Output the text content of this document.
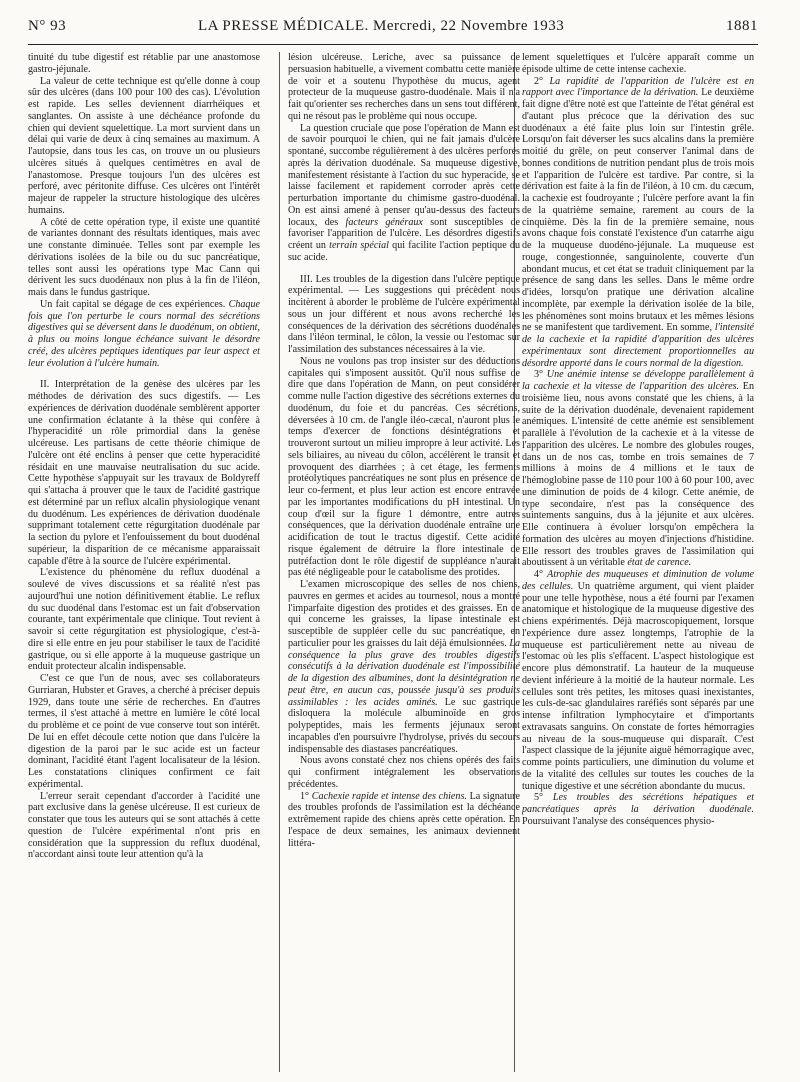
N° 93	LA PRESSE MÉDICALE. Mercredi, 22 Novembre 1933	1881

tinuité du tube digestif est rétablie par une anastomose gastro-jéjunale.

La valeur de cette technique est qu'elle donne à coup sûr des ulcères (dans 100 pour 100 des cas). L'évolution est rapide. Les selles deviennent diarrhéiques et sanglantes. On assiste à une déchéance profonde du chien qui devient squelettique. La mort survient dans un délai qui varie de deux à cinq semaines au maximum. A l'autopsie, dans tous les cas, on trouve un ou plusieurs ulcères situés à quelques centimètres en aval de l'anastomose. Presque toujours l'un des ulcères est perforé, avec péritonite diffuse. Ces ulcères ont l'intérêt majeur de rappeler la structure histologique des ulcères humains.

A côté de cette opération type, il existe une quantité de variantes donnant des résultats identiques, mais avec une constante diminuée. Telles sont par exemple les dérivations isolées de la bile ou du suc pancréatique, telles sont aussi les opérations type Mac Cann qui dérivent les sucs duodénaux non plus à la fin de l'iléon, mais dans le fundus gastrique.

Un fait capital se dégage de ces expériences. Chaque fois que l'on perturbe le cours normal des sécrétions digestives qui se déversent dans le duodénum, on obtient, à plus ou moins longue échéance suivant le désordre créé, des ulcères peptiques identiques par leur aspect et leur évolution à l'ulcère humain.

II. Interprétation de la genèse des ulcères par les méthodes de dérivation des sucs digestifs. — Les expériences de dérivation duodénale semblèrent apporter une confirmation éclatante à la thèse qui confère à l'hyperacidité un rôle primordial dans la genèse ulcéreuse. Les partisans de cette théorie chimique de l'ulcère ont été enclins à penser que cette hyperacidité résidait en une mauvaise neutralisation du suc acide. Cette hypothèse s'appuyait sur les travaux de Boldyreff qui s'attacha à prouver que le taux de l'acidité gastrique est déterminé par un reflux alcalin physiologique venant du duodénum. Les expériences de dérivation duodénale supprimant totalement cette régurgitation duodénale par la section du pylore et l'enfouissement du bout duodénal supérieur, la disparition de ce mécanisme apparaissait capable d'être à la source de l'ulcère expérimental.

L'existence du phénomène du reflux duodénal a soulevé de vives discussions et sa réalité n'est pas aujourd'hui une notion définitivement établie. Le reflux du suc duodénal dans l'estomac est un fait d'observation courante, tant expérimentale que clinique. Tout revient à savoir si cette régurgitation est physiologique, c'est-à-dire si elle entre en jeu pour stabiliser le taux de l'acidité gastrique, ou si elle apporte à la muqueuse gastrique un enduit protecteur alcalin indispensable.

C'est ce que l'un de nous, avec ses collaborateurs Gurriaran, Hubster et Graves, a cherché à préciser depuis 1929, dans toute une série de recherches. En d'autres termes, il s'est attaché à mettre en lumière le côté local du problème et ce point de vue conserve tout son intérêt. De lui en effet découle cette notion que dans l'ulcère la digestion de la paroi par le suc acide est un facteur dominant, l'acidité étant l'agent localisateur de la lésion. Les constatations cliniques confirment ce fait expérimental.

L'erreur serait cependant d'accorder à l'acidité une part exclusive dans la genèse ulcéreuse. Il est curieux de constater que tous les auteurs qui se sont attachés à cette question de l'ulcère expérimental n'ont pris en considération que la suppression du reflux duodénal, n'accordant ainsi toute leur attention qu'à la

lésion ulcéreuse. Leriche, avec sa puissance de persuasion habituelle, a vivement combattu cette manière de voir et a soutenu l'hypothèse du mucus, agent protecteur de la muqueuse gastro-duodénale. Mais il n'a fait qu'orienter ses recherches dans un sens tout différent, qui ne résout pas le problème qui nous occupe.

La question cruciale que pose l'opération de Mann est de savoir pourquoi le chien, qui ne fait jamais d'ulcère spontané, succombe régulièrement à des ulcères perforés après la dérivation duodénale. Sa muqueuse digestive, manifestement résistante à l'action du suc hyperacide, se laisse facilement et rapidement corroder après cette perturbation importante du chimisme gastro-duodénal. On est ainsi amené à penser qu'au-dessus des facteurs locaux, des facteurs généraux sont susceptibles de favoriser l'apparition de l'ulcère. Les désordres digestifs créent un terrain spécial qui facilite l'action peptique du suc acide.

III. Les troubles de la digestion dans l'ulcère peptique expérimental. — Les suggestions qui précèdent nous incitèrent à aborder le problème de l'ulcère expérimental sous un jour différent et nous avons recherché les conséquences de la dérivation des sécrétions duodénales dans l'iléon terminal, le côlon, la vessie ou l'estomac sur l'assimilation des substances nécessaires à la vie.

Nous ne voulons pas trop insister sur des déductions capitales qui s'imposent aussitôt. Qu'il nous suffise de dire que dans l'opération de Mann, on peut considérer comme nulle l'action digestive des sécrétions externes du duodénum, du foie et du pancréas. Ces sécrétions, déversées à 10 cm. de l'angle iléo-cæcal, n'auront plus le temps d'exercer de fonctions désintégrations et trouveront surtout un milieu impropre à leur activité. Les sels biliaires, au niveau du côlon, accélèrent le transit et provoquent des diarrhées ; à cet étage, les ferments protéolytiques pancréatiques ne sont plus en présence de leur co-ferment, et plus leur action est encore entravée par les importantes modifications du pH intestinal. Un coup d'œil sur la figure 1 démontre, entre autres conséquences, que la dérivation duodénale entraîne une acidification de tout le tractus digestif. Cette acidité risque également de détruire la flore intestinale de putréfaction dont le rôle digestif de suppléance n'aurait pas été négligeable pour le catabolisme des protides.

L'examen microscopique des selles de nos chiens, pauvres en germes et acides au tournesol, nous a montré l'imparfaite digestion des protides et des graisses. En ce qui concerne les graisses, la lipase intestinale est susceptible de suppléer celle du suc pancréatique, en particulier pour les graisses du lait déjà émulsionnées. La conséquence la plus grave des troubles digestifs consécutifs à la dérivation duodénale est l'impossibilité de la digestion des albumines, dont la désintégration ne peut être, en aucun cas, poussée jusqu'à ses produits assimilables : les acides aminés. Le suc gastrique disloquera la molécule albuminoïde en gros polypeptides, mais les ferments jéjunaux seront incapables d'en poursuivre l'hydrolyse, privés du secours indispensable des diastases pancréatiques.

Nous avons constaté chez nos chiens opérés des faits qui confirment intégralement les observations précédentes.

1° Cachexie rapide et intense des chiens. La signature des troubles profonds de l'assimilation est la déchéance extrêmement rapide des chiens après cette opération. En l'espace de deux semaines, les animaux deviennent littéra-

lement squelettiques et l'ulcère apparaît comme un épisode ultime de cette intense cachexie.

2° La rapidité de l'apparition de l'ulcère est en rapport avec l'importance de la dérivation. Le deuxième fait digne d'être noté est que l'atteinte de l'état général est d'autant plus précoce que la dérivation des suc duodénaux a été faite plus loin sur l'intestin grêle. Lorsqu'on fait déverser les sucs alcalins dans la première moitié du grêle, on peut conserver l'animal dans de bonnes conditions de nutrition pendant plus de trois mois et l'apparition de l'ulcère est tardive. Par contre, si la dérivation est faite à la fin de l'iléon, à 10 cm. du cæcum, la cachexie est foudroyante ; l'ulcère perfore avant la fin de la quatrième semaine, rarement au cours de la cinquième. Dès la fin de la première semaine, nous avons chaque fois constaté l'existence d'un catarrhe aigu de la muqueuse duodéno-jéjunale. La muqueuse est rouge, congestionnée, sanguinolente, couverte d'un abondant mucus, et cet état se traduit cliniquement par la présence de sang dans les selles. Dans le même ordre d'idées, lorsqu'on pratique une dérivation alcaline incomplète, par exemple la dérivation isolée de la bile, les phénomènes sont moins brutaux et les mêmes lésions ne se manifestent que tardivement. En somme, l'intensité de la cachexie et la rapidité d'apparition des ulcères expérimentaux sont directement proportionnelles au désordre apporté dans le cours normal de la digestion.

3° Une anémie intense se développe parallèlement à la cachexie et la vitesse de l'apparition des ulcères. En troisième lieu, nous avons constaté que les chiens, à la suite de la dérivation duodénale, devenaient rapidement anémiques. L'intensité de cette anémie est sensiblement parallèle à l'évolution de la cachexie et à la vitesse de l'apparition des ulcères. Le nombre des globules rouges, dans un de nos cas, tombe en trois semaines de 7 millions à moins de 4 millions et le taux de l'hémoglobine passe de 110 pour 100 à 60 pour 100, avec une diminution de poids de 4 kilogr. Cette anémie, de type secondaire, n'est pas la conséquence des suintements sanguins, dus à la jéjunite et aux ulcères. Elle continuera à évoluer lorsqu'on empêchera la formation des ulcères au moyen d'injections d'histidine. Elle ressort des troubles graves de l'assimilation qui aboutissent à un véritable état de carence.

4° Atrophie des muqueuses et diminution de volume des cellules. Un quatrième argument, qui vient plaider pour une telle hypothèse, nous a été fourni par l'examen anatomique et histologique de la muqueuse digestive des chiens expérimentés. Déjà macroscopiquement, lorsque l'expérience dure assez longtemps, l'atrophie de la muqueuse est particulièrement nette au niveau de l'estomac où les plis s'effacent. L'aspect histologique est encore plus démonstratif. La hauteur de la muqueuse devient inférieure à la moitié de la hauteur normale. Les cellules sont très petites, les mitoses quasi inexistantes, les culs-de-sac glandulaires raréfiés sont séparés par une intense infiltration lymphocytaire et d'importants extravasats sanguins. On constate de fortes hémorragies au niveau de la sous-muqueuse qui disparaît. C'est l'aspect classique de la jéjunite aiguë hémorragique avec, comme points particuliers, une diminution du volume et de la vitalité des cellules sur toutes les couches de la tunique digestive et une sécrétion abondante du mucus.

5° Les troubles des sécrétions hépatiques et pancréatiques après la dérivation duodénale. Poursuivant l'analyse des conséquences physio-
